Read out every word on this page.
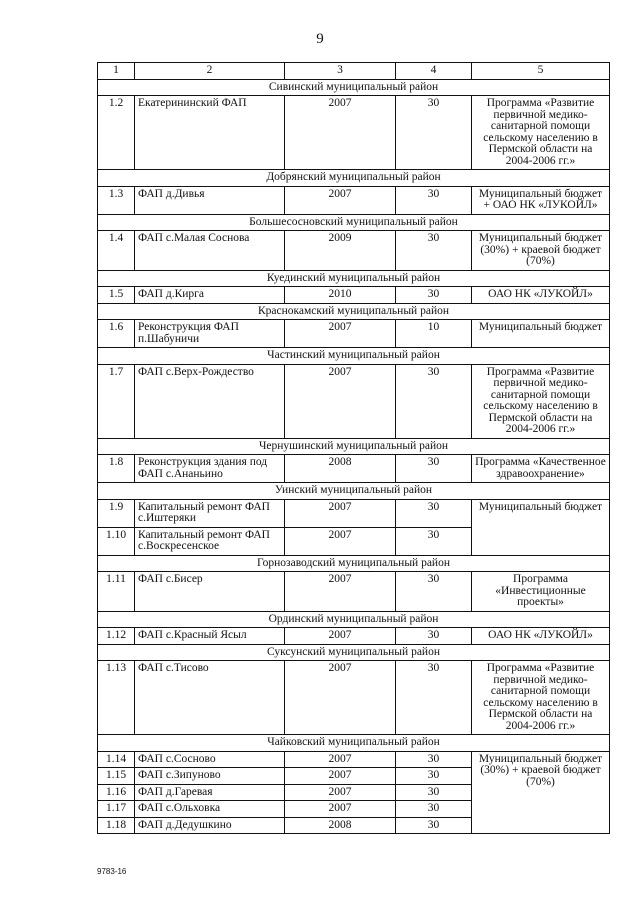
9
1	2	3	4	5
Сивинский муниципальный район				
1.2	Екатерининский ФАП	2007	30	Программа «Развитие первичной медико-санитарной помощи сельскому населению в Пермской области на 2004-2006 гг.»
Добрянский муниципальный район				
1.3	ФАП д.Дивья	2007	30	Муниципальный бюджет + ОАО НК «ЛУКОЙЛ»
Большесосновский муниципальный район				
1.4	ФАП с.Малая Соснова	2009	30	Муниципальный бюджет (30%) + краевой бюджет (70%)
Куединский муниципальный район				
1.5	ФАП д.Кирга	2010	30	ОАО НК «ЛУКОЙЛ»
Краснокамский муниципальный район				
1.6	Реконструкция ФАП п.Шабуничи	2007	10	Муниципальный бюджет
Частинский муниципальный район				
1.7	ФАП с.Верх-Рождество	2007	30	Программа «Развитие первичной медико-санитарной помощи сельскому населению в Пермской области на 2004-2006 гг.»
Чернушинский муниципальный район				
1.8	Реконструкция здания под ФАП с.Ананьино	2008	30	Программа «Качественное здравоохранение»
Уинский муниципальный район				
1.9	Капитальный ремонт ФАП с.Иштеряки	2007	30	Муниципальный бюджет
1.10	Капитальный ремонт ФАП с.Воскресенское	2007	30	
Горнозаводский муниципальный район				
1.11	ФАП с.Бисер	2007	30	Программа «Инвестиционные проекты»
Ординский муниципальный район				
1.12	ФАП с.Красный Ясыл	2007	30	ОАО НК «ЛУКОЙЛ»
Суксунский муниципальный район				
1.13	ФАП с.Тисово	2007	30	Программа «Развитие первичной медико-санитарной помощи сельскому населению в Пермской области на 2004-2006 гг.»
Чайковский муниципальный район				
1.14	ФАП с.Сосново	2007	30	Муниципальный бюджет (30%) + краевой бюджет (70%)
1.15	ФАП с.Зипуново	2007	30	
1.16	ФАП д.Гаревая	2007	30	
1.17	ФАП с.Ольховка	2007	30	
1.18	ФАП д.Дедушкино	2008	30	
9783-16
